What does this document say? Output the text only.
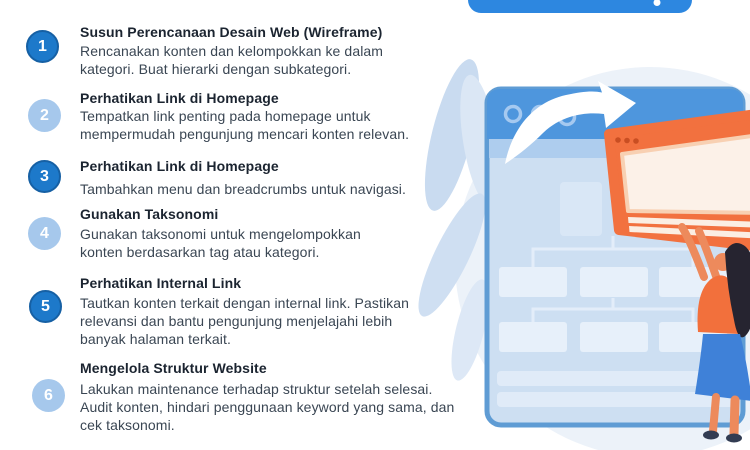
1
Susun Perencanaan Desain Web (Wireframe)
Rencanakan konten dan kelompokkan ke dalam kategori. Buat hierarki dengan subkategori.
2
Perhatikan Link di Homepage
Tempatkan link penting pada homepage untuk mempermudah pengunjung mencari konten relevan.
3
Perhatikan Link di Homepage
Tambahkan menu dan breadcrumbs untuk navigasi.
4
Gunakan Taksonomi
Gunakan taksonomi untuk mengelompokkan konten berdasarkan tag atau kategori.
5
Perhatikan Internal Link
Tautkan konten terkait dengan internal link. Pastikan relevansi dan bantu pengunjung menjelajahi lebih banyak halaman terkait.
6
Mengelola Struktur Website
Lakukan maintenance terhadap struktur setelah selesai. Audit konten, hindari penggunaan keyword yang sama, dan cek taksonomi.
